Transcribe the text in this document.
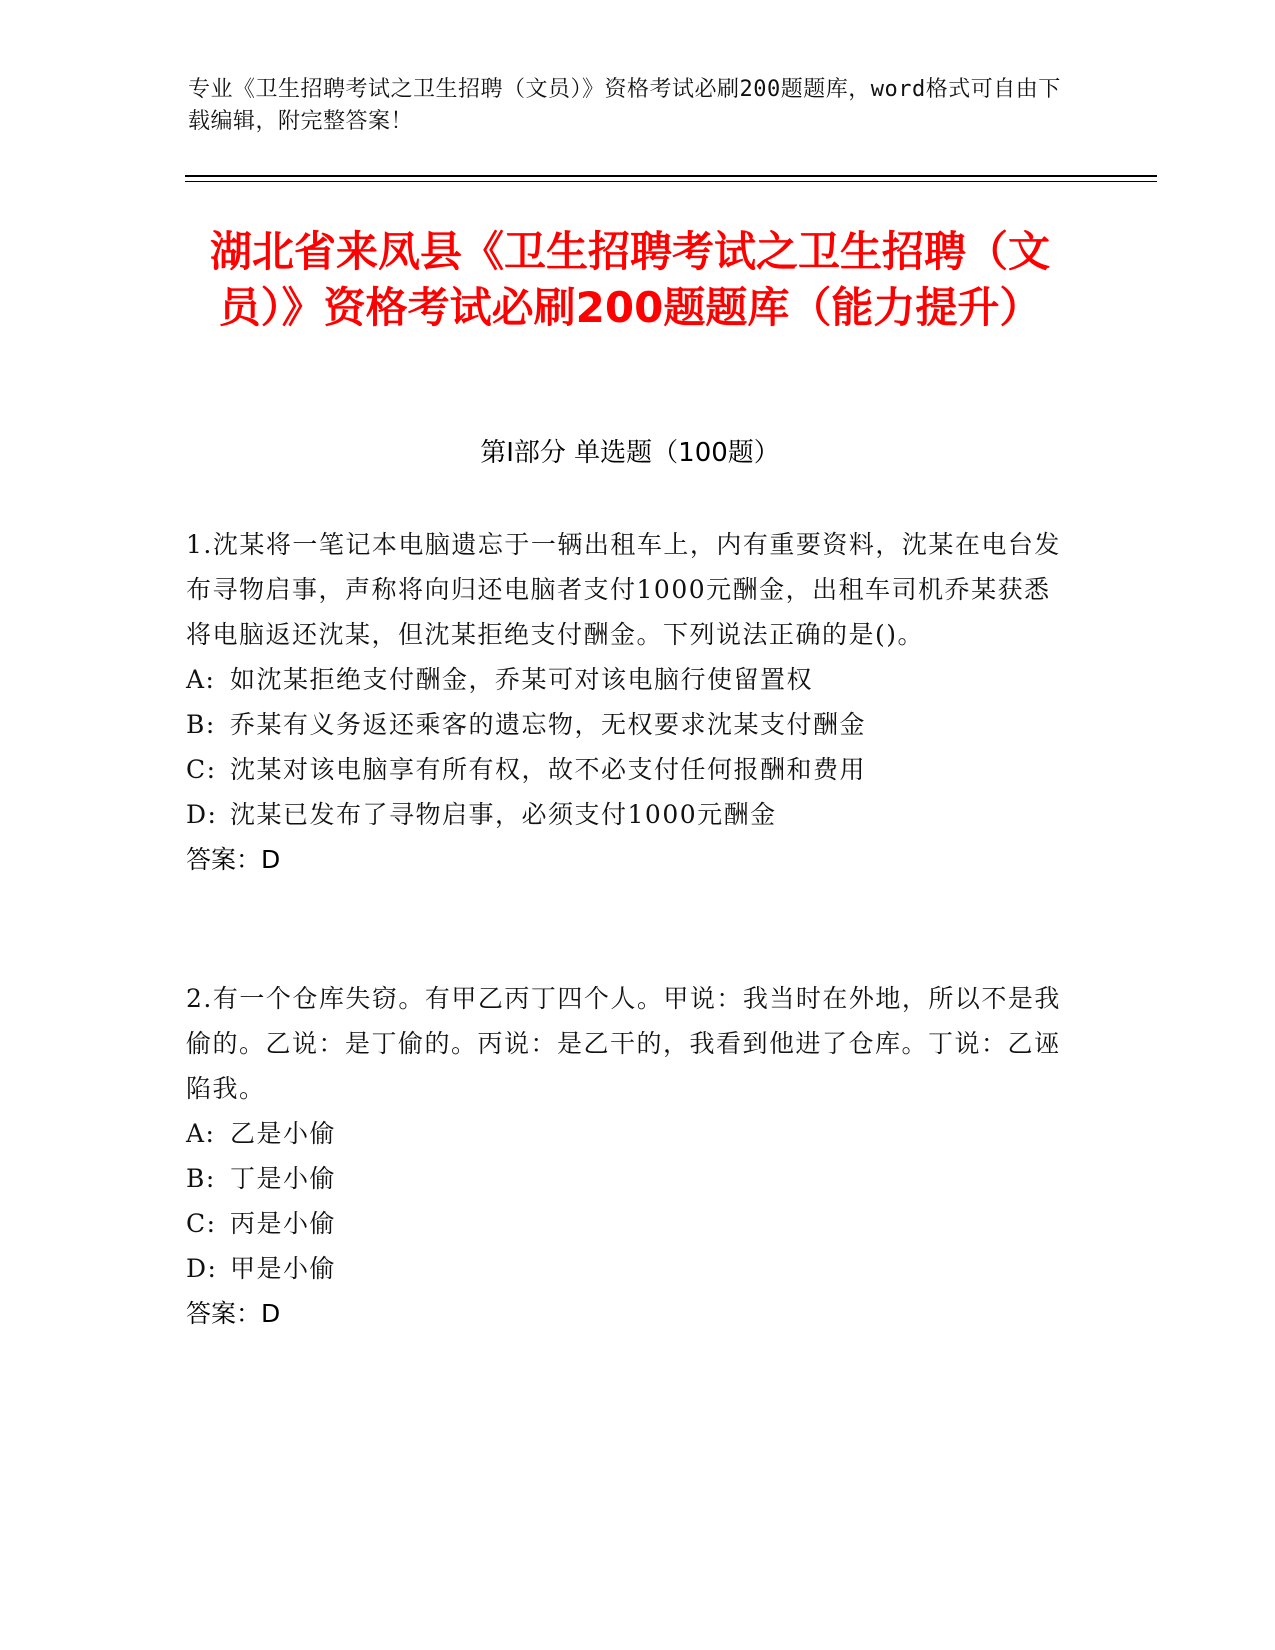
专业《卫生招聘考试之卫生招聘（文员）》资格考试必刷200题题库，word格式可自由下载编辑，附完整答案！
湖北省来凤县《卫生招聘考试之卫生招聘（文员）》资格考试必刷200题题库（能力提升）
第Ⅰ部分 单选题（100题）

1.沈某将一笔记本电脑遗忘于一辆出租车上，内有重要资料，沈某在电台发布寻物启事，声称将向归还电脑者支付1000元酬金，出租车司机乔某获悉将电脑返还沈某，但沈某拒绝支付酬金。下列说法正确的是()。

A: 如沈某拒绝支付酬金，乔某可对该电脑行使留置权

B: 乔某有义务返还乘客的遗忘物，无权要求沈某支付酬金

C: 沈某对该电脑享有所有权，故不必支付任何报酬和费用

D: 沈某已发布了寻物启事，必须支付1000元酬金

答案：D

2.有一个仓库失窃。有甲乙丙丁四个人。甲说：我当时在外地，所以不是我偷的。乙说：是丁偷的。丙说：是乙干的，我看到他进了仓库。丁说：乙诬陷我。

A: 乙是小偷

B: 丁是小偷

C: 丙是小偷

D: 甲是小偷

答案：D
